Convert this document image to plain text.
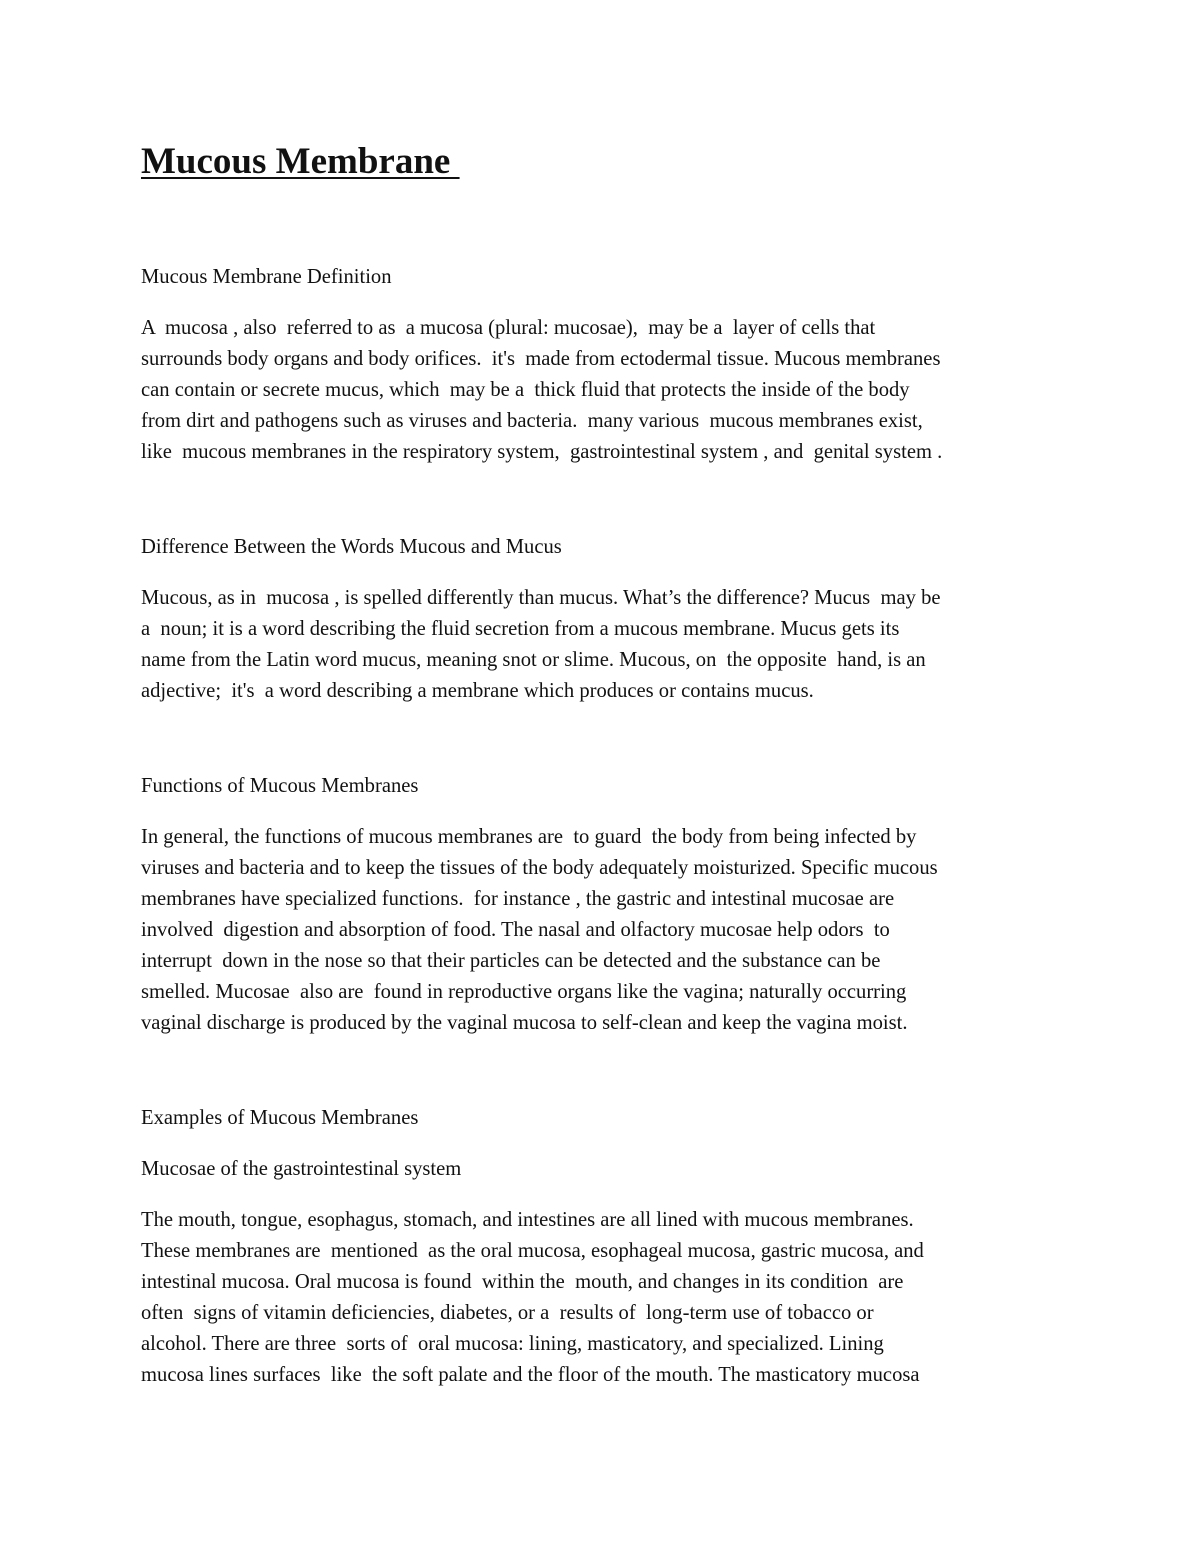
Mucous Membrane

Mucous Membrane Definition

A  mucosa , also  referred to as  a mucosa (plural: mucosae),  may be a  layer of cells that
surrounds body organs and body orifices.  it's  made from ectodermal tissue. Mucous membranes
can contain or secrete mucus, which  may be a  thick fluid that protects the inside of the body
from dirt and pathogens such as viruses and bacteria.  many various  mucous membranes exist,
like  mucous membranes in the respiratory system,  gastrointestinal system , and  genital system .

Difference Between the Words Mucous and Mucus

Mucous, as in  mucosa , is spelled differently than mucus. What’s the difference? Mucus  may be
a  noun; it is a word describing the fluid secretion from a mucous membrane. Mucus gets its
name from the Latin word mucus, meaning snot or slime. Mucous, on  the opposite  hand, is an
adjective;  it's  a word describing a membrane which produces or contains mucus.

Functions of Mucous Membranes

In general, the functions of mucous membranes are  to guard  the body from being infected by
viruses and bacteria and to keep the tissues of the body adequately moisturized. Specific mucous
membranes have specialized functions.  for instance , the gastric and intestinal mucosae are
involved  digestion and absorption of food. The nasal and olfactory mucosae help odors  to
interrupt  down in the nose so that their particles can be detected and the substance can be
smelled. Mucosae  also are  found in reproductive organs like the vagina; naturally occurring
vaginal discharge is produced by the vaginal mucosa to self-clean and keep the vagina moist.

Examples of Mucous Membranes

Mucosae of the gastrointestinal system

The mouth, tongue, esophagus, stomach, and intestines are all lined with mucous membranes.
These membranes are  mentioned  as the oral mucosa, esophageal mucosa, gastric mucosa, and
intestinal mucosa. Oral mucosa is found  within the  mouth, and changes in its condition  are
often  signs of vitamin deficiencies, diabetes, or a  results of  long-term use of tobacco or
alcohol. There are three  sorts of  oral mucosa: lining, masticatory, and specialized. Lining
mucosa lines surfaces  like  the soft palate and the floor of the mouth. The masticatory mucosa
